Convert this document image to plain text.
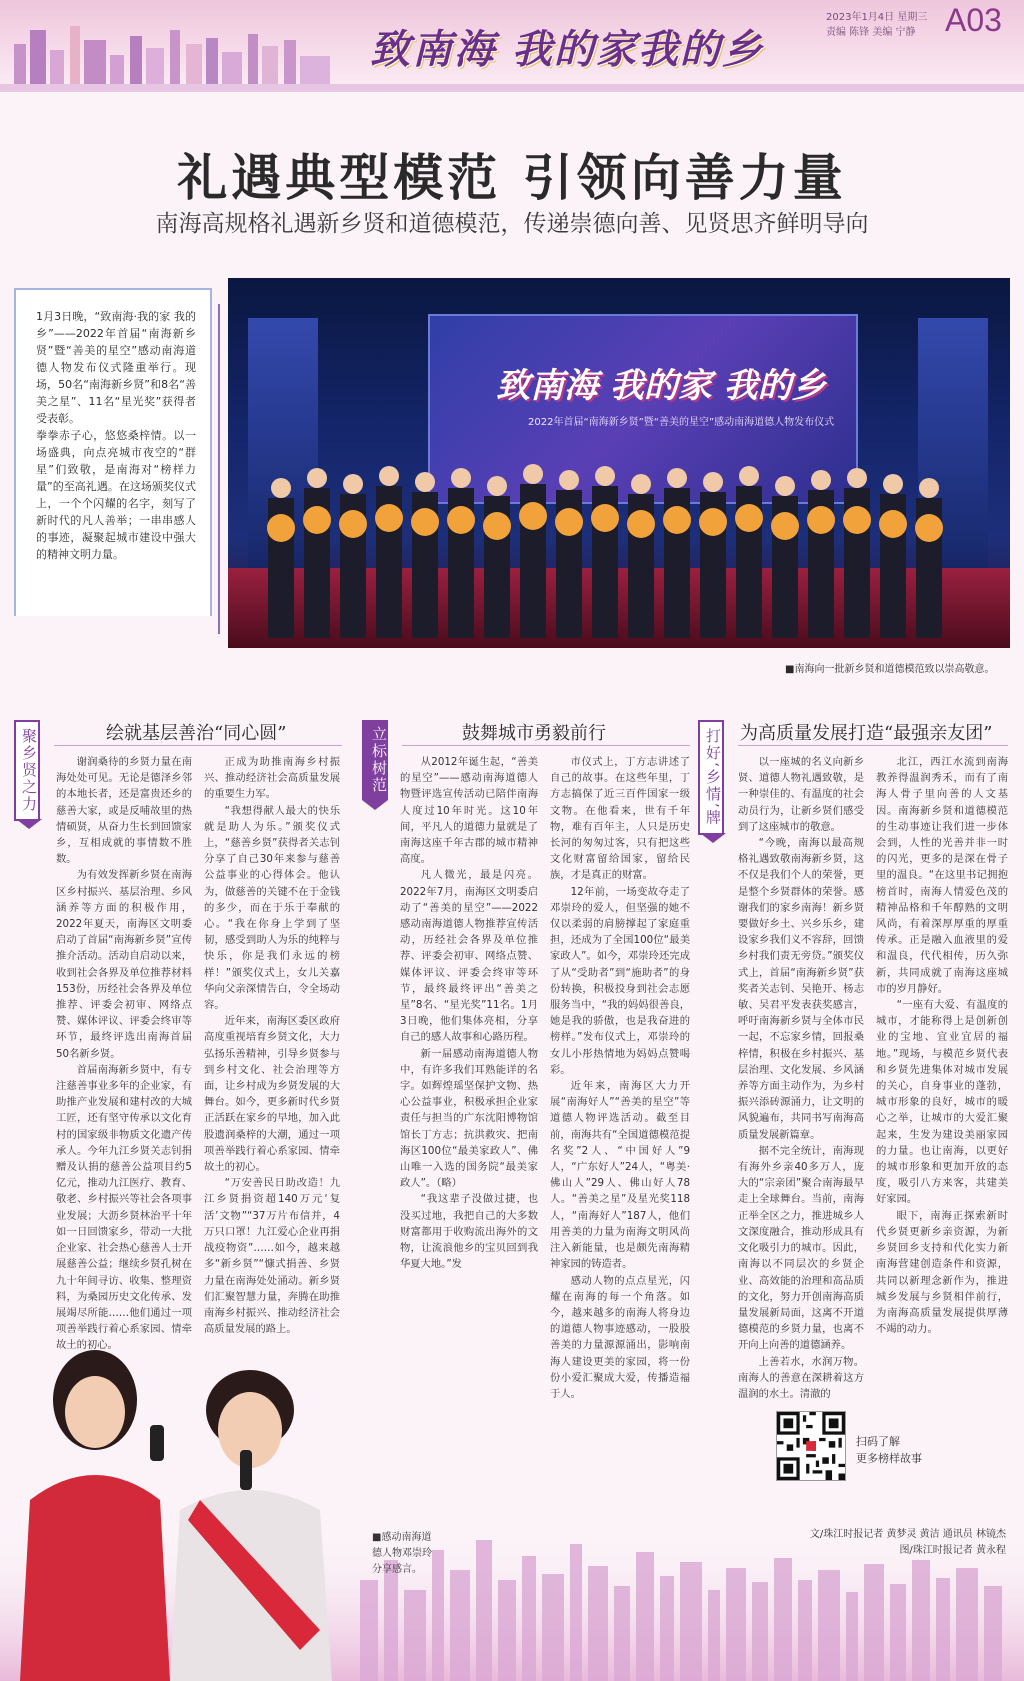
致南海 我的家我的乡
2023年1月4日 星期三
责编 陈锋 美编 宁静 A03
礼遇典型模范 引领向善力量
南海高规格礼遇新乡贤和道德模范，传递崇德向善、见贤思齐鲜明导向
1月3日晚，“致南海·我的家 我的乡”——2022年首届“南海新乡贤”暨“善美的星空”感动南海道德人物发布仪式隆重举行。现场，50名“南海新乡贤”和8名“善美之星”、11名“星光奖”获得者受表彰。
拳拳赤子心，悠悠桑梓情。以一场盛典，向点亮城市夜空的“群星”们致敬，是南海对“榜样力量”的至高礼遇。在这场颁奖仪式上，一个个闪耀的名字，刻写了新时代的凡人善举；一串串感人的事迹，凝聚起城市建设中强大的精神文明力量。
致南海 我的家 我的乡
2022年首届“南海新乡贤”暨“善美的星空”感动南海道德人物发布仪式
■南海向一批新乡贤和道德模范致以崇高敬意。
聚乡贤之力	绘就基层善治“同心圆”

谢润桑待的乡贤力量在南海处处可见。无论是德泽乡邻的本地长者，还是富贵还乡的慈善大家，或是反哺故里的热情硕贤，从奋力生长到回馈家乡，互相成就的事情数不胜数。

为有效发挥新乡贤在南海区乡村振兴、基层治理、乡风涵养等方面的积极作用，2022年夏天，南海区文明委启动了首届“南海新乡贤”宣传推介活动。活动自启动以来，收到社会各界及单位推荐材料153份，历经社会各界及单位推荐、评委会初审、网络点赞、媒体评议、评委会终审等环节，最终评选出南海首届50名新乡贤。

首届南海新乡贤中，有专注慈善事业多年的企业家，有助推产业发展和建村改的大城工匠，还有坚守传承以文化育村的国家级非物质文化遗产传承人。今年九江乡贤关志钊捐赠及认捐的慈善公益项目约5亿元，推动九江医疗、教育、敬老、乡村振兴等社会各项事业发展；大沥乡贤林治平十年如一日回馈家乡，带动一大批企业家、社会热心慈善人士开展慈善公益；继续乡贤孔树在九十年间寻访、收集、整理资料，为桑园历史文化传承、发展竭尽所能……他们通过一项项善举践行着心系家园、情牵故土的初心。

正成为助推南海乡村振兴、推动经济社会高质量发展的重要生力军。

“我想得献人最大的快乐就是助人为乐。”颁奖仪式上，“慈善乡贤”获得者关志钊分享了自己30年来参与慈善公益事业的心得体会。他认为，做慈善的关键不在于金钱的多少，而在于乐于奉献的心。“我在你身上学到了坚韧，感受到助人为乐的纯粹与快乐，你是我们永远的榜样！”颁奖仪式上，女儿关嘉华向父亲深情告白，令全场动容。

近年来，南海区委区政府高度重视培育乡贤文化，大力弘扬乐善精神，引导乡贤参与到乡村文化、社会治理等方面，让乡村成为乡贤发展的大舞台。如今，更多新时代乡贤正活跃在家乡的早地，加入此股遗润桑梓的大潮，通过一项项善举践行着心系家园、情牵故土的初心。

“万安善民日助改造！九江乡贤捐资超140万元‘复活’文物”“37万片布信并，4万只口罩！九江爱心企业再捐战疫物资”……如今，越来越多“新乡贤”“慷式捐善、乡贤力量在南海处处涌动。新乡贤们汇聚智慧力量，奔腾在助推南海乡村振兴、推动经济社会高质量发展的路上。

立标树范	鼓舞城市勇毅前行

从2012年诞生起，“善美的星空”——感动南海道德人物暨评选宣传活动已陪伴南海人度过10年时光。这10年间，平凡人的道德力量就是了南海这座千年古郡的城市精神高度。

凡人微光，最是闪亮。2022年7月，南海区文明委启动了“善美的星空”——2022感动南海道德人物推荐宣传活动，历经社会各界及单位推荐、评委会初审、网络点赞、媒体评议、评委会终审等环节，最终最终评出“善美之星”8名、“星光奖”11名。1月3日晚，他们集体亮相，分享自己的感人故事和心路历程。

新一届感动南海道德人物中，有许多我们耳熟能详的名字。如辉煌瑶坚保护文物、热心公益事业，积极承担企业家责任与担当的广东沈阳博物馆馆长丁方志；抗洪救灾、把南海区100位“最美家政人”、佛山唯一入选的国务院“最美家政人”。（略）

“我这辈子没做过捷，也没买过地，我把自己的大多数财富都用于收购流出海外的文物，让流浪他乡的宝贝回到我华夏大地。”发

市仪式上，丁方志讲述了自己的故事。在这些年里，丁方志搞保了近三百件国家一级文物。在他看来，世有千年物，难有百年主，人只是历史长河的匆匆过客，只有把这些文化财富留给国家，留给民族，才是真正的财富。

12年前，一场变故夺走了邓崇玲的爱人，但坚强的她不仅以柔弱的肩膀撑起了家庭重担，还成为了全国100位“最美家政人”。如今，邓崇玲还完成了从“受助者”到“施助者”的身份转换，积极投身到社会志愿服务当中，“我的妈妈很善良，她是我的骄傲，也是我奋进的榜样。”发布仪式上，邓崇玲的女儿小彤热情地为妈妈点赞喝彩。

近年来，南海区大力开展“南海好人”“善美的星空”等道德人物评选活动。截至目前，南海共有“全国道德模范提名奖”2人、“中国好人”9人，“广东好人”24人，“粤美·佛山人”29人、佛山好人78人。“善美之星”及星光奖118人，“南海好人”187人，他们用善美的力量为南海文明风尚注入新能量，也是颇先南海精神家园的铸造者。

感动人物的点点星光，闪耀在南海的每一个角落。如今，越来越多的南海人将身边的道德人物事迹感动，一股股善美的力量源源涌出，影响南海人建设更美的家园，将一份份小爱汇聚成大爱，传播造福于人。

打好‘乡情’牌 为高质量发展打造“最强亲友团”

以一座城的名义向新乡贤、道德人物礼遇致敬，是一种崇佳的、有温度的社会动员行为，让新乡贤们感受到了这座城市的敬意。

“今晚，南海以最高规格礼遇致敬南海新乡贤，这不仅是我们个人的荣誉，更是整个乡贤群体的荣誉。感谢我们的家乡南海！新乡贤要做好乡土、兴乡乐乡，建设家乡我们义不容辞，回馈乡村我们责无旁贷。”颁奖仪式上，首届“南海新乡贤”获奖者关志钊、吴艳开、杨志敏、吴君平发表获奖感言，呼吁南海新乡贤与全体市民一起，不忘家乡情，回报桑梓情，积极在乡村振兴、基层治理、文化发展、乡风涵养等方面主动作为，为乡村振兴添砖源涌力，让文明的风貌遍布，共同书写南海高质量发展新篇章。

据不完全统计，南海现有海外乡亲40多万人，庞大的“宗亲团”聚合南海最早走上全球舞台。当前，南海正举全区之力，推进城乡人文深度融合，推动形成具有文化吸引力的城市。因此，南海以不同层次的乡贤企业、高效能的治理和高品质的文化，努力开创南海高质量发展新局面，这离不开道德模范的乡贤力量，也离不开向上向善的道德涵养。

上善若水，水润万物。南海人的善意在深耕着这方温润的水土。清澈的

北江，西江水流到南海教养得温润秀禾，而有了南海人骨子里向善的人文基因。南海新乡贤和道德模范的生动事迹让我们进一步体会到，人性的光善并非一时的闪光，更多的是深在骨子里的温良。“在这里书记拥抱榜首时，南海人情爱色茂的精神品格和千年醇熟的文明风尚，有着深厚厚重的厚重传承。正是融入血液里的爱和温良，代代相传，历久弥新，共同成就了南海这座城市的岁月静好。

“一座有大爱、有温度的城市，才能称得上是创新创业的宝地、宜业宜居的福地。”现场，与模范乡贤代表和乡贤先进集体对城市发展的关心，自身事业的蓬勃，城市形象的良好，城市的暖心之举，让城市的大爱汇聚起来，生发为建设美丽家园的力量。也让南海，以更好的城市形象和更加开放的态度，吸引八方来客，共建美好家园。

眼下，南海正探索新时代乡贤更新乡亲资源，为新乡贤回乡支持和代化实力新南海营建创造条件和资源，共同以新理念新作为，推进城乡发展与乡贤相伴前行，为南海高质量发展提供厚薄不竭的动力。

■感动南海道
德人物邓崇玲
分享感言。
扫码了解
更多榜样故事
文/珠江时报记者 黄梦灵 黄洁 通讯员 林镜杰
图/珠江时报记者 黄永程
